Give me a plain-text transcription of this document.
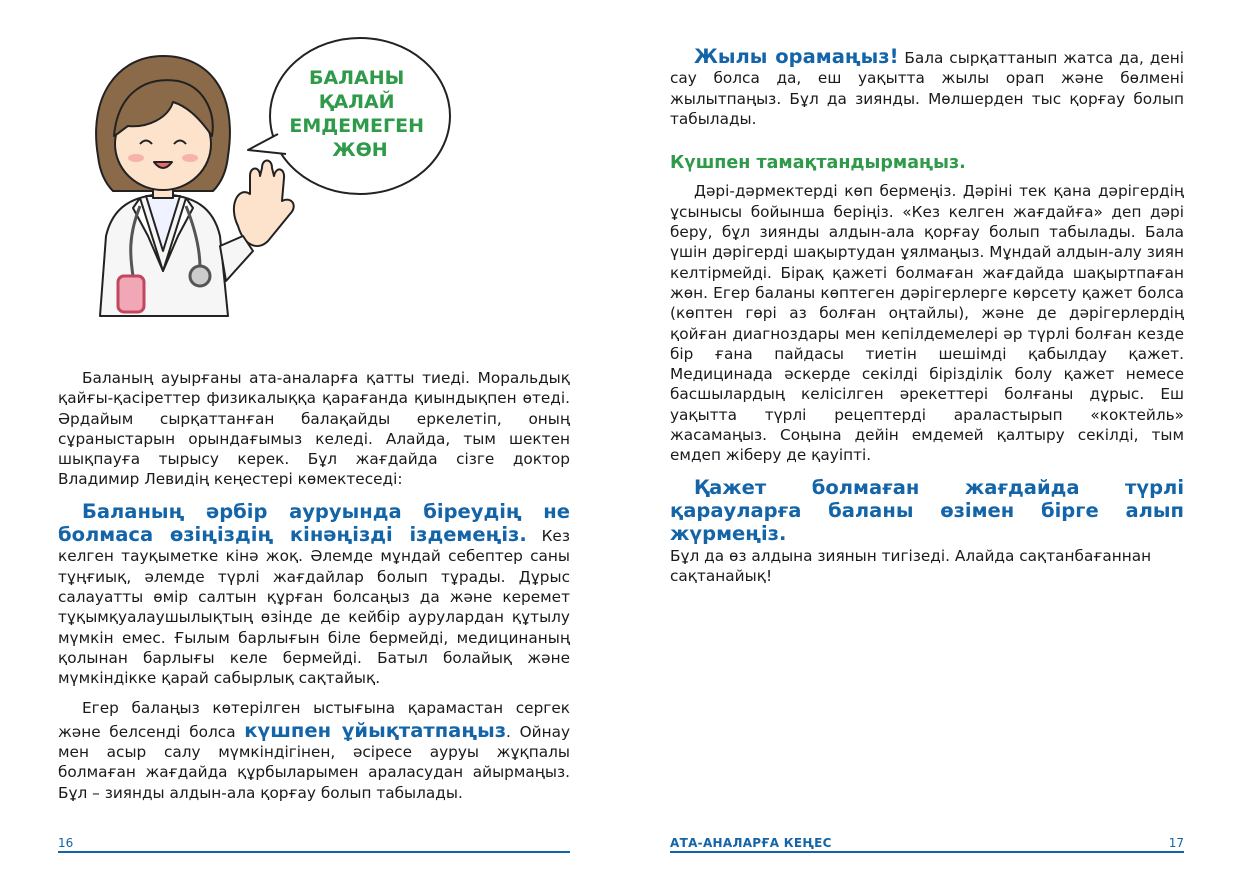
БАЛАНЫ ҚАЛАЙ ЕМДЕМЕГЕН ЖӨН

Баланың ауырғаны ата-аналарға қатты тиеді. Моральдық қайғы-қасіреттер физикалыққа қарағанда қиындықпен өтеді. Әрдайым сырқаттанған балақайды еркелетіп, оның сұраныстарын орындағымыз келеді. Алайда, тым шектен шықпауға тырысу керек. Бұл жағдайда сізге доктор Владимир Левидің кеңестері көмектеседі:

Баланың әрбір ауруында біреудің не болмаса өзіңіздің кінәңізді іздемеңіз. Кез келген тауқыметке кінә жоқ. Әлемде мұндай себептер саны тұңғиық, әлемде түрлі жағдайлар болып тұрады. Дұрыс салауатты өмір салтын құрған болсаңыз да және керемет тұқымқуалаушылықтың өзінде де кейбір аурулардан құтылу мүмкін емес. Ғылым барлығын біле бермейді, медицинаның қолынан барлығы келе бермейді. Батыл болайық және мүмкіндікке қарай сабырлық сақтайық.

Егер балаңыз көтерілген ыстығына қарамастан сергек және белсенді болса күшпен ұйықтатпаңыз. Ойнау мен асыр салу мүмкіндігінен, әсіресе ауруы жұқпалы болмаған жағдайда құрбыларымен араласудан айырмаңыз. Бұл – зиянды алдын-ала қорғау болып табылады.

16

Жылы орамаңыз! Бала сырқаттанып жатса да, дені сау болса да, еш уақытта жылы орап және бөлмені жылытпаңыз. Бұл да зиянды. Мөлшерден тыс қорғау болып табылады.

Күшпен тамақтандырмаңыз.

Дәрі-дәрмектерді көп бермеңіз. Дәріні тек қана дәрігердің ұсынысы бойынша беріңіз. «Кез келген жағдайға» деп дәрі беру, бұл зиянды алдын-ала қорғау болып табылады. Бала үшін дәрігерді шақыртудан ұялмаңыз. Мұндай алдын-алу зиян келтірмейді. Бірақ қажеті болмаған жағдайда шақыртпаған жөн. Егер баланы көптеген дәрігерлерге көрсету қажет болса (көптен гөрі аз болған оңтайлы), және де дәрігерлердің қойған диагноздары мен кепілдемелері әр түрлі болған кезде бір ғана пайдасы тиетін шешімді қабылдау қажет. Медицинада әскерде секілді бірізділік болу қажет немесе басшылардың келісілген әрекеттері болғаны дұрыс. Еш уақытта түрлі рецептерді араластырып «коктейль» жасамаңыз. Соңына дейін емдемей қалтыру секілді, тым емдеп жіберу де қауіпті.

Қажет болмаған жағдайда түрлі қарауларға баланы өзімен бірге алып жүрмеңіз.

Бұл да өз алдына зиянын тигізеді. Алайда сақтанбағаннан сақтанайық!

АТА-АНАЛАРҒА КЕҢЕС	17
